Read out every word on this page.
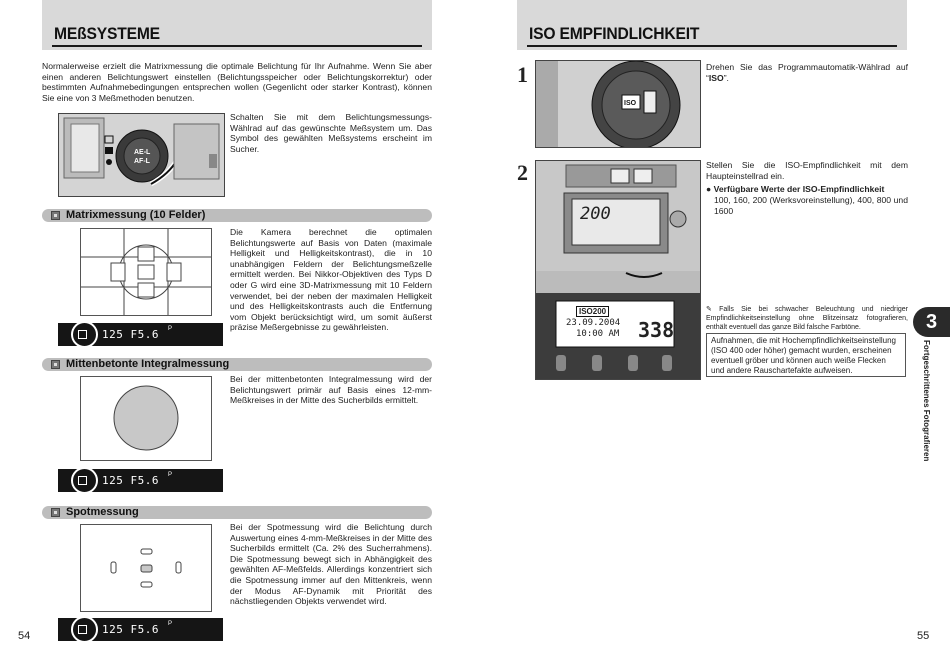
MEßSYSTEME
Normalerweise erzielt die Matrixmessung die optimale Belichtung für Ihr Aufnahme. Wenn Sie aber einen anderen Belichtungswert einstellen (Belichtungsspeicher oder Belichtungskorrektur) oder bestimmten Aufnahmebedingungen entsprechen wollen (Gegenlicht oder starker Kontrast), können Sie eine von 3 Meßmethoden benutzen.
AE-L
AF-L
Schalten Sie mit dem Belichtungsmessungs-Wählrad auf das gewünschte Meßsystem um. Das Symbol des gewählten Meßsystems erscheint im Sucher.
Matrixmessung (10 Felder)
125 F5.6 P
Die Kamera berechnet die optimalen Belichtungswerte auf Basis von Daten (maximale Helligkeit und Helligkeitskontrast), die in 10 unabhängigen Feldern der Belichtungsmeßzelle ermittelt werden. Bei Nikkor-Objektiven des Typs D oder G wird eine 3D-Matrixmessung mit 10 Feldern verwendet, bei der neben der maximalen Helligkeit und des Helligkeitskontrasts auch die Entfernung vom Objekt berücksichtigt wird, um somit äußerst präzise Meßergebnisse zu gewährleisten.
Mittenbetonte Integralmessung
125 F5.6 P
Bei der mittenbetonten Integralmessung wird der Belichtungswert primär auf Basis eines 12-mm-Meßkreises in der Mitte des Sucherbilds ermittelt.
Spotmessung
125 F5.6 P
Bei der Spotmessung wird die Belichtung durch Auswertung eines 4-mm-Meßkreises in der Mitte des Sucherbilds ermittelt (Ca. 2% des Sucherrahmens). Die Spotmessung bewegt sich in Abhängigkeit des gewählten AF-Meßfelds. Allerdings konzentriert sich die Spotmessung immer auf den Mittenkreis, wenn der Modus AF-Dynamik mit Priorität des nächstliegenden Objekts verwendet wird.
54
ISO EMPFINDLICHKEIT
1
ISO
Drehen Sie das Programmautomatik-Wählrad auf “ISO”.
2
200
ISO200
23.09.2004
10:00 AM 338
Stellen Sie die ISO-Empfindlichkeit mit dem Haupteinstellrad ein.
● Verfügbare Werte der ISO-Empfindlichkeit
100, 160, 200 (Werksvoreinstellung), 400, 800 und 1600
✎ Falls Sie bei schwacher Beleuchtung und niedriger Empfindlichkeitseinstellung ohne Blitzeinsatz fotografieren, enthält eventuell das ganze Bild falsche Farbtöne.
Aufnahmen, die mit Hochempfindlichkeitseinstellung (ISO 400 oder höher) gemacht wurden, erscheinen eventuell gröber und können auch weiße Flecken und andere Rauschartefakte aufweisen.
3
Fortgeschrittenes Fotografieren
55
